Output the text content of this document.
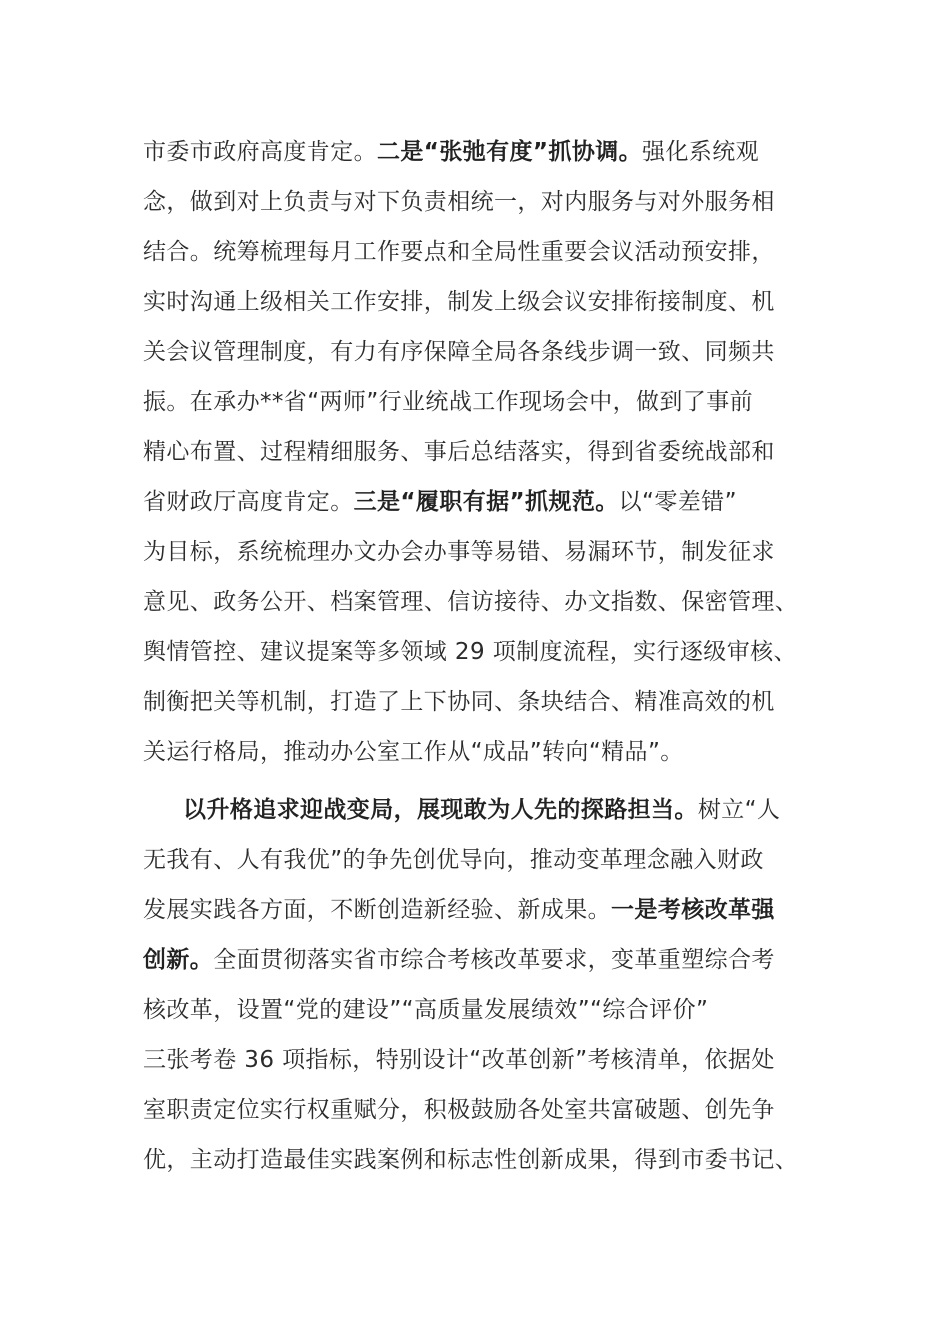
市委市政府高度肯定。二是“张弛有度”抓协调。强化系统观
念，做到对上负责与对下负责相统一，对内服务与对外服务相
结合。统筹梳理每月工作要点和全局性重要会议活动预安排，
实时沟通上级相关工作安排，制发上级会议安排衔接制度、机
关会议管理制度，有力有序保障全局各条线步调一致、同频共
振。在承办**省“两师”行业统战工作现场会中，做到了事前
精心布置、过程精细服务、事后总结落实，得到省委统战部和
省财政厅高度肯定。三是“履职有据”抓规范。以“零差错”
为目标，系统梳理办文办会办事等易错、易漏环节，制发征求
意见、政务公开、档案管理、信访接待、办文指数、保密管理、
舆情管控、建议提案等多领域 29 项制度流程，实行逐级审核、
制衡把关等机制，打造了上下协同、条块结合、精准高效的机
关运行格局，推动办公室工作从“成品”转向“精品”。
以升格追求迎战变局，展现敢为人先的探路担当。树立“人
无我有、人有我优”的争先创优导向，推动变革理念融入财政
发展实践各方面，不断创造新经验、新成果。一是考核改革强
创新。全面贯彻落实省市综合考核改革要求，变革重塑综合考
核改革，设置“党的建设”“高质量发展绩效”“综合评价”
三张考卷 36 项指标，特别设计“改革创新”考核清单，依据处
室职责定位实行权重赋分，积极鼓励各处室共富破题、创先争
优，主动打造最佳实践案例和标志性创新成果，得到市委书记、
